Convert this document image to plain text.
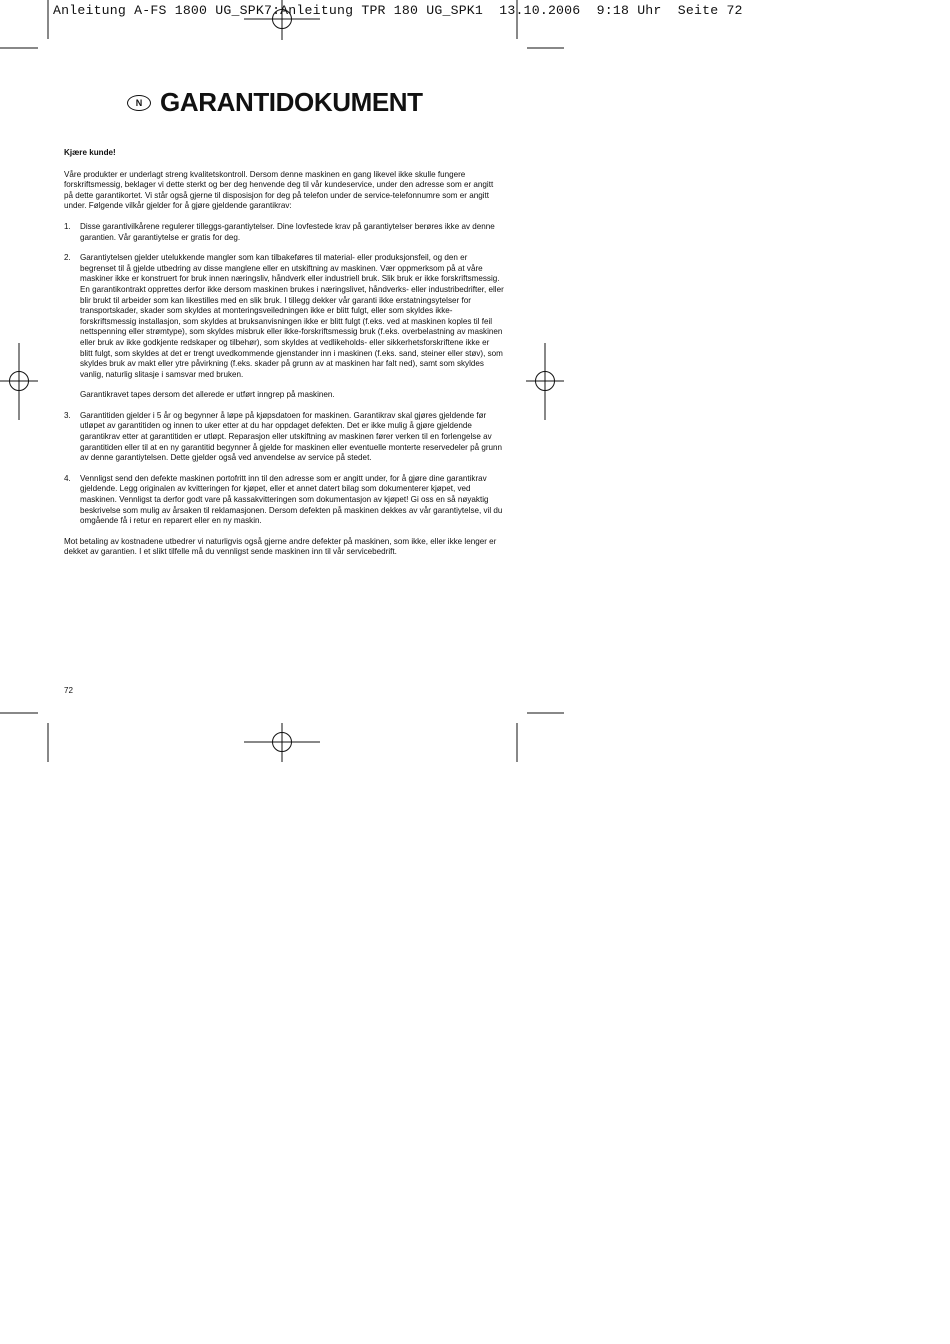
Anleitung A-FS 1800 UG_SPK7:Anleitung TPR 180 UG_SPK1  13.10.2006  9:18 Uhr  Seite 72
N GARANTIDOKUMENT

Kjære kunde!

Våre produkter er underlagt streng kvalitetskontroll. Dersom denne maskinen en gang likevel ikke skulle fungere forskriftsmessig, beklager vi dette sterkt og ber deg henvende deg til vår kundeservice, under den adresse som er angitt på dette garantikortet. Vi står også gjerne til disposisjon for deg på telefon under de service-telefonnumre som er angitt under. Følgende vilkår gjelder for å gjøre gjeldende garantikrav:

1.	Disse garantivilkårene regulerer tilleggs-garantiytelser. Dine lovfestede krav på garantiytelser berøres ikke av denne garantien. Vår garantiytelse er gratis for deg.

2.	Garantiytelsen gjelder utelukkende mangler som kan tilbakeføres til material- eller produksjonsfeil, og den er begrenset til å gjelde utbedring av disse manglene eller en utskiftning av maskinen. Vær oppmerksom på at våre maskiner ikke er konstruert for bruk innen næringsliv, håndverk eller industriell bruk. Slik bruk er ikke forskriftsmessig. En garantikontrakt opprettes derfor ikke dersom maskinen brukes i næringslivet, håndverks- eller industribedrifter, eller blir brukt til arbeider som kan likestilles med en slik bruk. I tillegg dekker vår garanti ikke erstatningsytelser for transportskader, skader som skyldes at monteringsveiledningen ikke er blitt fulgt, eller som skyldes ikke-forskriftsmessig installasjon, som skyldes at bruksanvisningen ikke er blitt fulgt (f.eks. ved at maskinen koples til feil nettspenning eller strømtype), som skyldes misbruk eller ikke-forskriftsmessig bruk (f.eks. overbelastning av maskinen eller bruk av ikke godkjente redskaper og tilbehør), som skyldes at vedlikeholds- eller sikkerhetsforskriftene ikke er blitt fulgt, som skyldes at det er trengt uvedkommende gjenstander inn i maskinen (f.eks. sand, steiner eller støv), som skyldes bruk av makt eller ytre påvirkning (f.eks. skader på grunn av at maskinen har falt ned), samt som skyldes vanlig, naturlig slitasje i samsvar med bruken.

Garantikravet tapes dersom det allerede er utført inngrep på maskinen.

3.	Garantitiden gjelder i 5 år og begynner å løpe på kjøpsdatoen for maskinen. Garantikrav skal gjøres gjeldende før utløpet av garantitiden og innen to uker etter at du har oppdaget defekten. Det er ikke mulig å gjøre gjeldende garantikrav etter at garantitiden er utløpt. Reparasjon eller utskiftning av maskinen fører verken til en forlengelse av garantitiden eller til at en ny garantitid begynner å gjelde for maskinen eller eventuelle monterte reservedeler på grunn av denne garantiytelsen. Dette gjelder også ved anvendelse av service på stedet.

4.	Vennligst send den defekte maskinen portofritt inn til den adresse som er angitt under, for å gjøre dine garantikrav gjeldende. Legg originalen av kvitteringen for kjøpet, eller et annet datert bilag som dokumenterer kjøpet, ved maskinen. Vennligst ta derfor godt vare på kassakvitteringen som dokumentasjon av kjøpet! Gi oss en så nøyaktig beskrivelse som mulig av årsaken til reklamasjonen. Dersom defekten på maskinen dekkes av vår garantiytelse, vil du omgående få i retur en reparert eller en ny maskin.

Mot betaling av kostnadene utbedrer vi naturligvis også gjerne andre defekter på maskinen, som ikke, eller ikke lenger er dekket av garantien. I et slikt tilfelle må du vennligst sende maskinen inn til vår servicebedrift.

72
